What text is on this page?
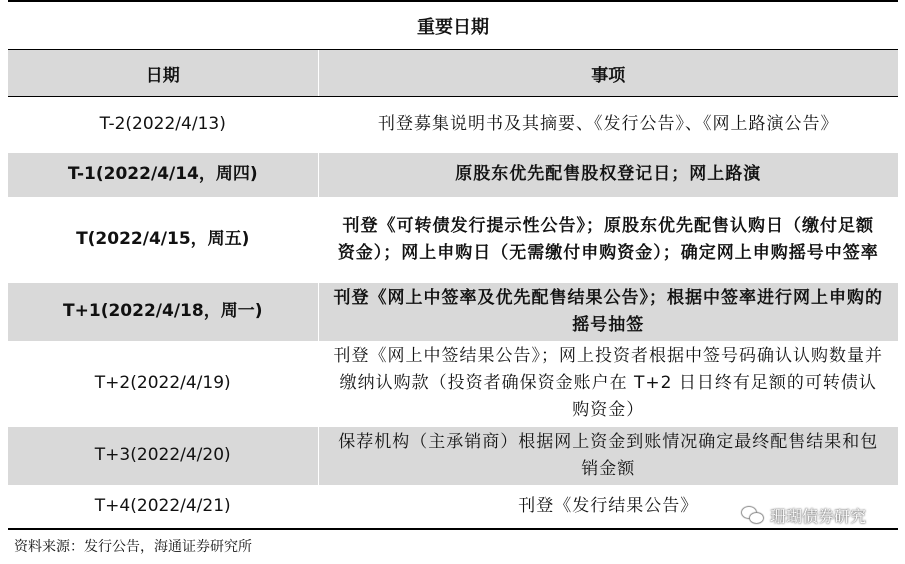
重要日期
日期	事项
T-2(2022/4/13)	刊登募集说明书及其摘要、《发行公告》、《网上路演公告》
T-1(2022/4/14，周四)	原股东优先配售股权登记日；网上路演
T(2022/4/15，周五)	刊登《可转债发行提示性公告》；原股东优先配售认购日（缴付足额资金）；网上申购日（无需缴付申购资金）；确定网上申购摇号中签率
T+1(2022/4/18，周一)	刊登《网上中签率及优先配售结果公告》；根据中签率进行网上申购的摇号抽签
T+2(2022/4/19)	刊登《网上中签结果公告》；网上投资者根据中签号码确认认购数量并缴纳认购款（投资者确保资金账户在 T+2 日日终有足额的可转债认购资金）
T+3(2022/4/20)	保荐机构（主承销商）根据网上资金到账情况确定最终配售结果和包销金额
T+4(2022/4/21)	刊登《发行结果公告》
珊瑚债券研究
资料来源：发行公告，海通证券研究所
